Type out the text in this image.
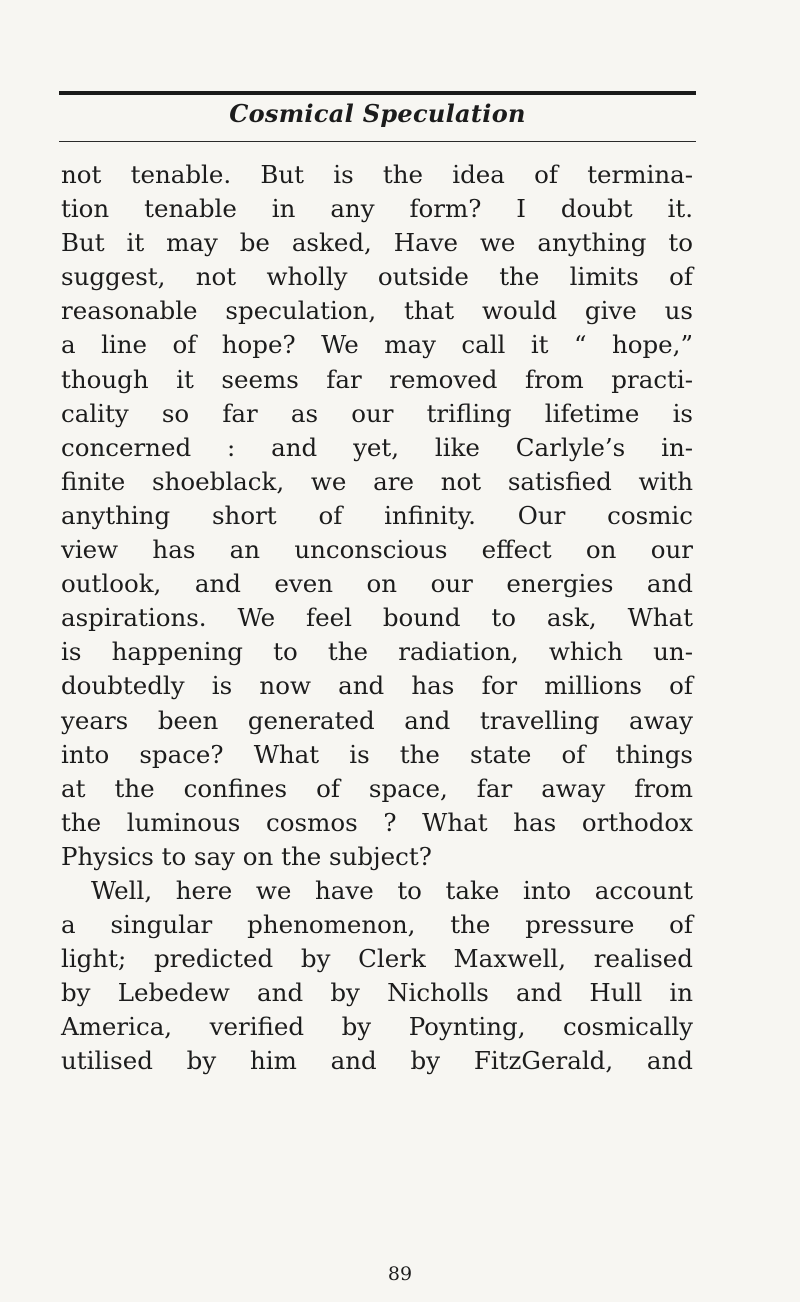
Cosmical Speculation
not tenable. But is the idea of termina-
tion tenable in any form? I doubt it.
But it may be asked, Have we anything to
suggest, not wholly outside the limits of
reasonable speculation, that would give us
a line of hope? We may call it “ hope,”
though it seems far removed from practi-
cality so far as our trifling lifetime is
concerned : and yet, like Carlyle’s in-
finite shoeblack, we are not satisfied with
anything short of infinity. Our cosmic
view has an unconscious effect on our
outlook, and even on our energies and
aspirations. We feel bound to ask, What
is happening to the radiation, which un-
doubtedly is now and has for millions of
years been generated and travelling away
into space? What is the state of things
at the confines of space, far away from
the luminous cosmos ? What has orthodox
Physics to say on the subject?
Well, here we have to take into account
a singular phenomenon, the pressure of
light; predicted by Clerk Maxwell, realised
by Lebedew and by Nicholls and Hull in
America, verified by Poynting, cosmically
utilised by him and by FitzGerald, and
89
